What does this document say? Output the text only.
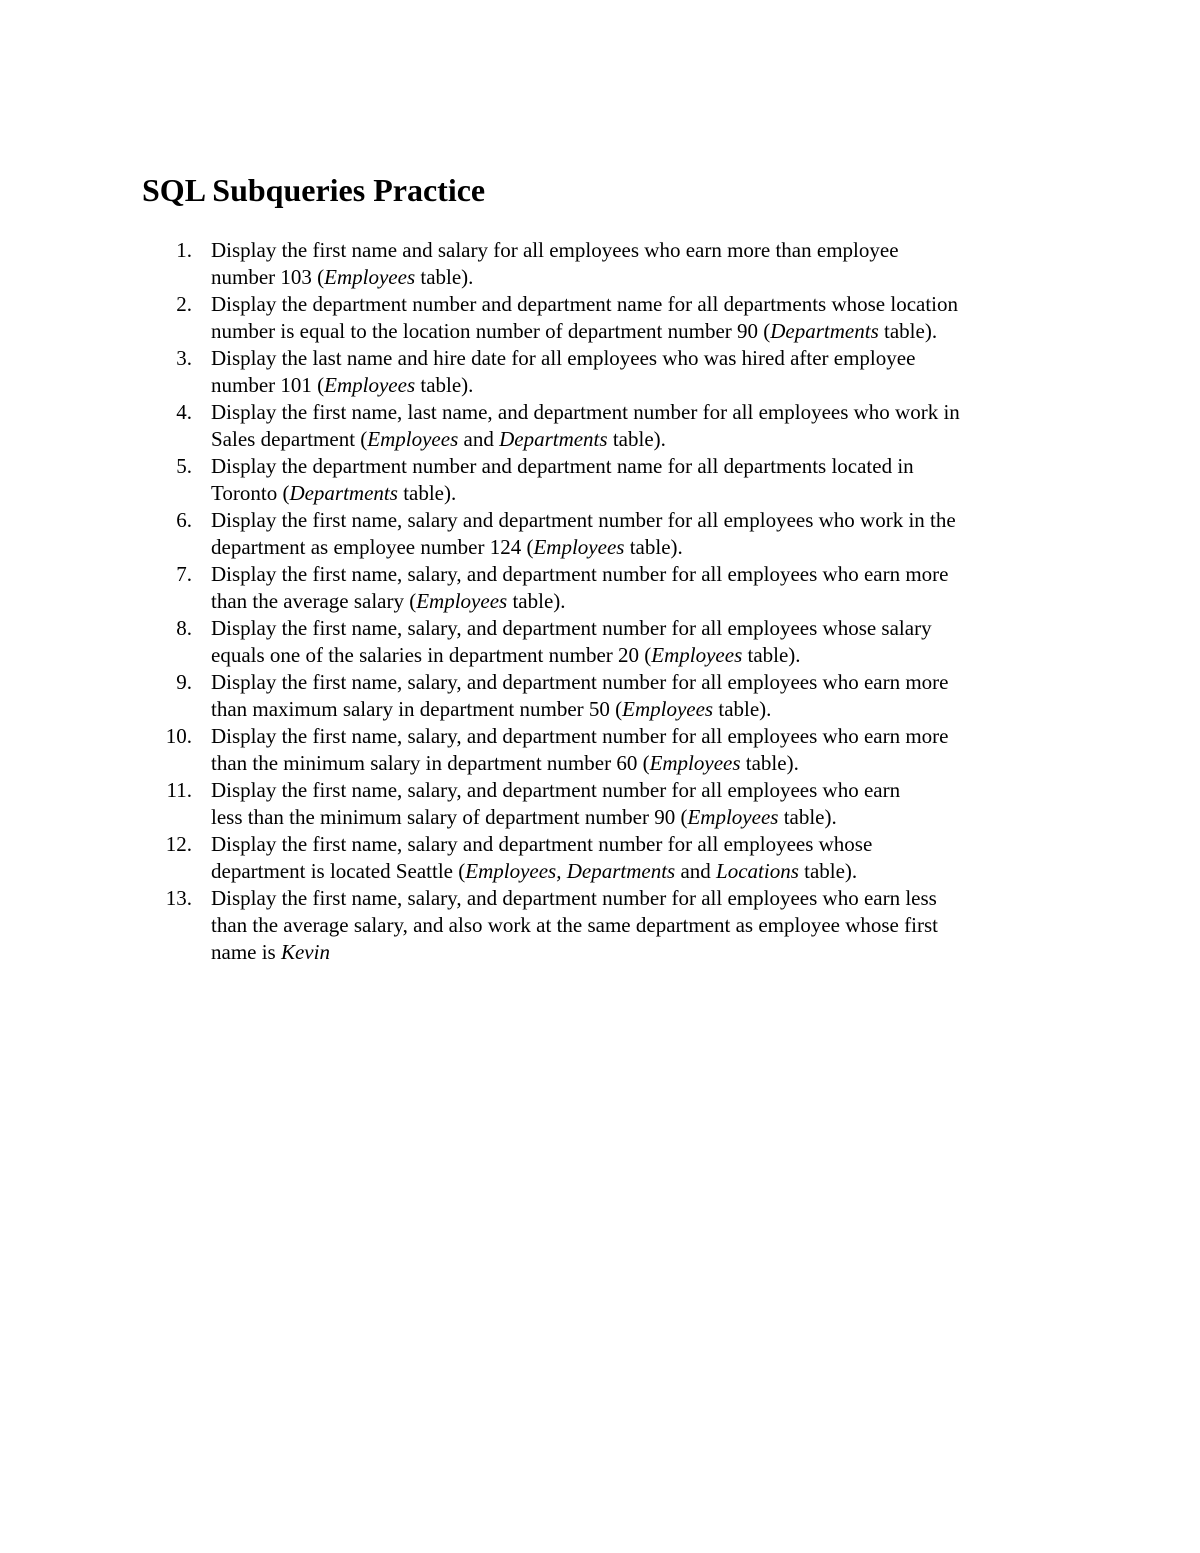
SQL Subqueries Practice
1. Display the first name and salary for all employees who earn more than employee
number 103 (Employees table).
2. Display the department number and department name for all departments whose location
number is equal to the location number of department number 90 (Departments table).
3. Display the last name and hire date for all employees who was hired after employee
number 101 (Employees table).
4. Display the first name, last name, and department number for all employees who work in
Sales department (Employees and Departments table).
5. Display the department number and department name for all departments located in
Toronto (Departments table).
6. Display the first name, salary and department number for all employees who work in the
department as employee number 124 (Employees table).
7. Display the first name, salary, and department number for all employees who earn more
than the average salary (Employees table).
8. Display the first name, salary, and department number for all employees whose salary
equals one of the salaries in department number 20 (Employees table).
9. Display the first name, salary, and department number for all employees who earn more
than maximum salary in department number 50 (Employees table).
10. Display the first name, salary, and department number for all employees who earn more
than the minimum salary in department number 60 (Employees table).
11. Display the first name, salary, and department number for all employees who earn
less than the minimum salary of department number 90 (Employees table).
12. Display the first name, salary and department number for all employees whose
department is located Seattle (Employees, Departments and Locations table).
13. Display the first name, salary, and department number for all employees who earn less
than the average salary, and also work at the same department as employee whose first
name is Kevin
